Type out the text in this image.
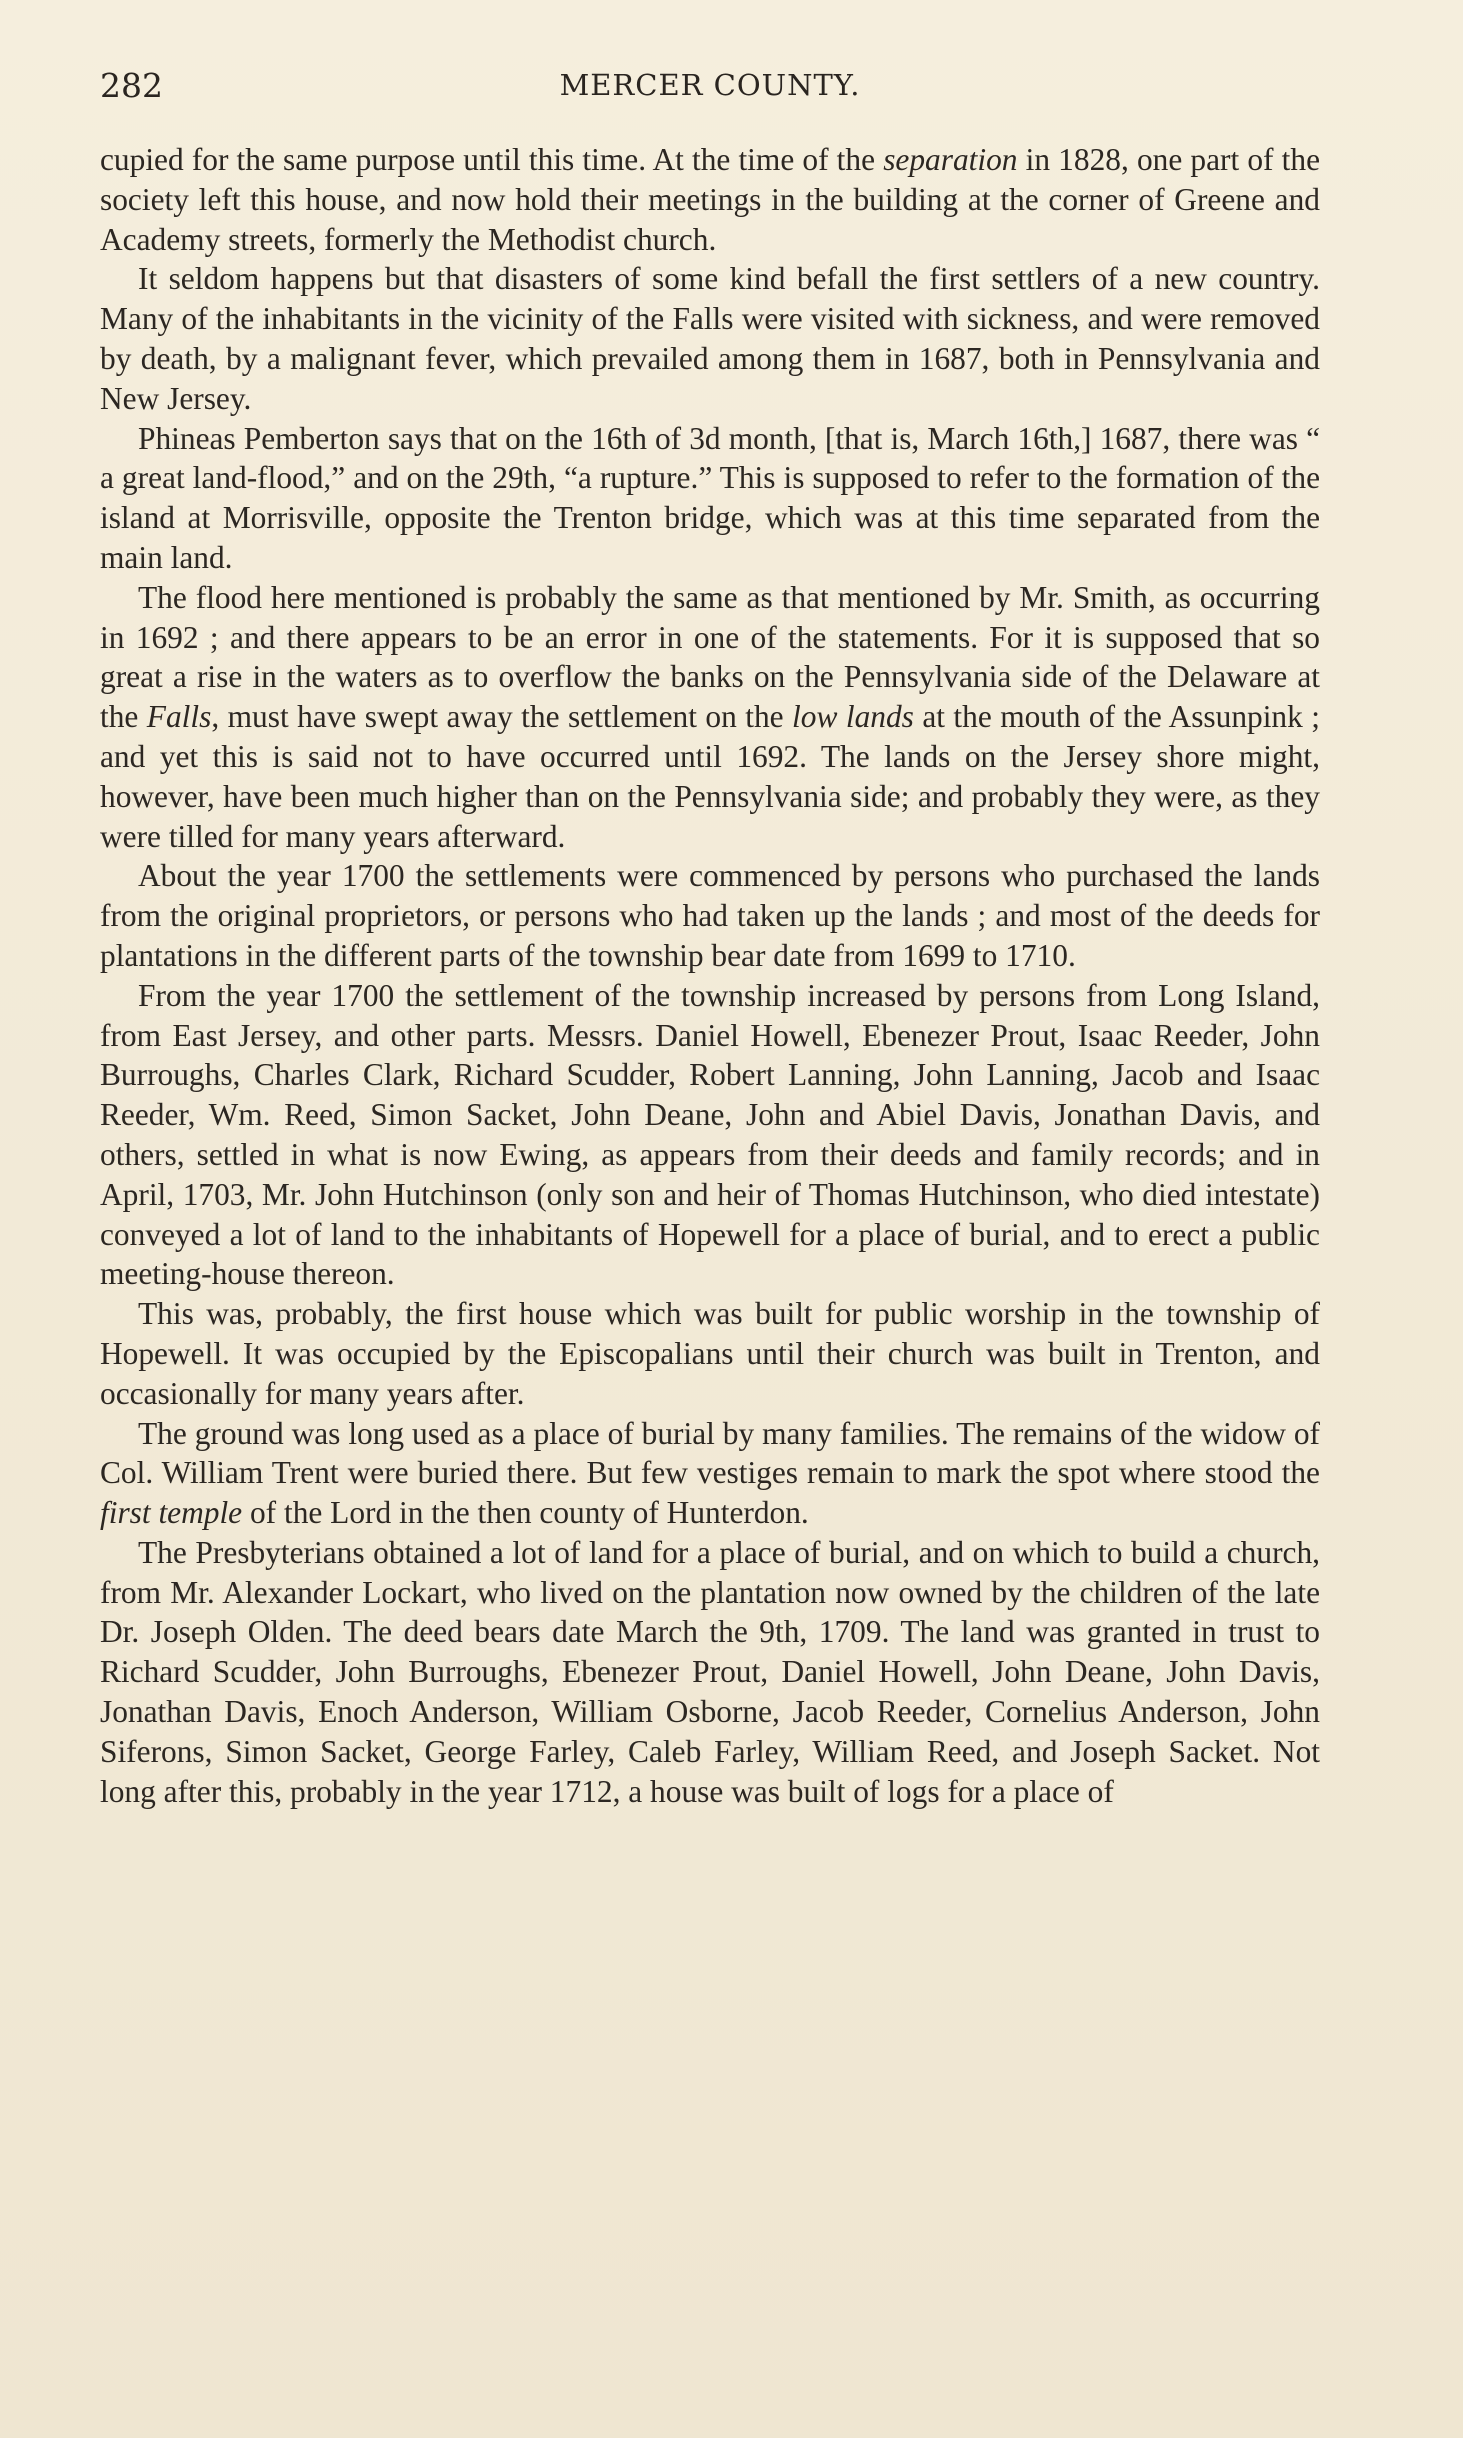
282	MERCER COUNTY.

cupied for the same purpose until this time. At the time of the separation in 1828, one part of the society left this house, and now hold their meetings in the building at the corner of Greene and Academy streets, formerly the Methodist church.

It seldom happens but that disasters of some kind befall the first settlers of a new country. Many of the inhabitants in the vicinity of the Falls were visited with sickness, and were removed by death, by a malignant fever, which prevailed among them in 1687, both in Pennsylvania and New Jersey.

Phineas Pemberton says that on the 16th of 3d month, [that is, March 16th,] 1687, there was “ a great land-flood,” and on the 29th, “a rupture.” This is supposed to refer to the formation of the island at Morrisville, opposite the Trenton bridge, which was at this time separated from the main land.

The flood here mentioned is probably the same as that mentioned by Mr. Smith, as occurring in 1692 ; and there appears to be an error in one of the statements. For it is supposed that so great a rise in the waters as to overflow the banks on the Pennsylvania side of the Delaware at the Falls, must have swept away the settlement on the low lands at the mouth of the Assunpink ; and yet this is said not to have occurred until 1692. The lands on the Jersey shore might, however, have been much higher than on the Pennsylvania side; and probably they were, as they were tilled for many years afterward.

About the year 1700 the settlements were commenced by persons who purchased the lands from the original proprietors, or persons who had taken up the lands ; and most of the deeds for plantations in the different parts of the township bear date from 1699 to 1710.

From the year 1700 the settlement of the township increased by persons from Long Island, from East Jersey, and other parts. Messrs. Daniel Howell, Ebenezer Prout, Isaac Reeder, John Burroughs, Charles Clark, Richard Scudder, Robert Lanning, John Lanning, Jacob and Isaac Reeder, Wm. Reed, Simon Sacket, John Deane, John and Abiel Davis, Jonathan Davis, and others, settled in what is now Ewing, as appears from their deeds and family records; and in April, 1703, Mr. John Hutchinson (only son and heir of Thomas Hutchinson, who died intestate) conveyed a lot of land to the inhabitants of Hopewell for a place of burial, and to erect a public meeting-house thereon.

This was, probably, the first house which was built for public worship in the township of Hopewell. It was occupied by the Episcopalians until their church was built in Trenton, and occasionally for many years after.

The ground was long used as a place of burial by many families. The remains of the widow of Col. William Trent were buried there. But few vestiges remain to mark the spot where stood the first temple of the Lord in the then county of Hunterdon.

The Presbyterians obtained a lot of land for a place of burial, and on which to build a church, from Mr. Alexander Lockart, who lived on the plantation now owned by the children of the late Dr. Joseph Olden. The deed bears date March the 9th, 1709. The land was granted in trust to Richard Scudder, John Burroughs, Ebenezer Prout, Daniel Howell, John Deane, John Davis, Jonathan Davis, Enoch Anderson, William Osborne, Jacob Reeder, Cornelius Anderson, John Siferons, Simon Sacket, George Farley, Caleb Farley, William Reed, and Joseph Sacket. Not long after this, probably in the year 1712, a house was built of logs for a place of
